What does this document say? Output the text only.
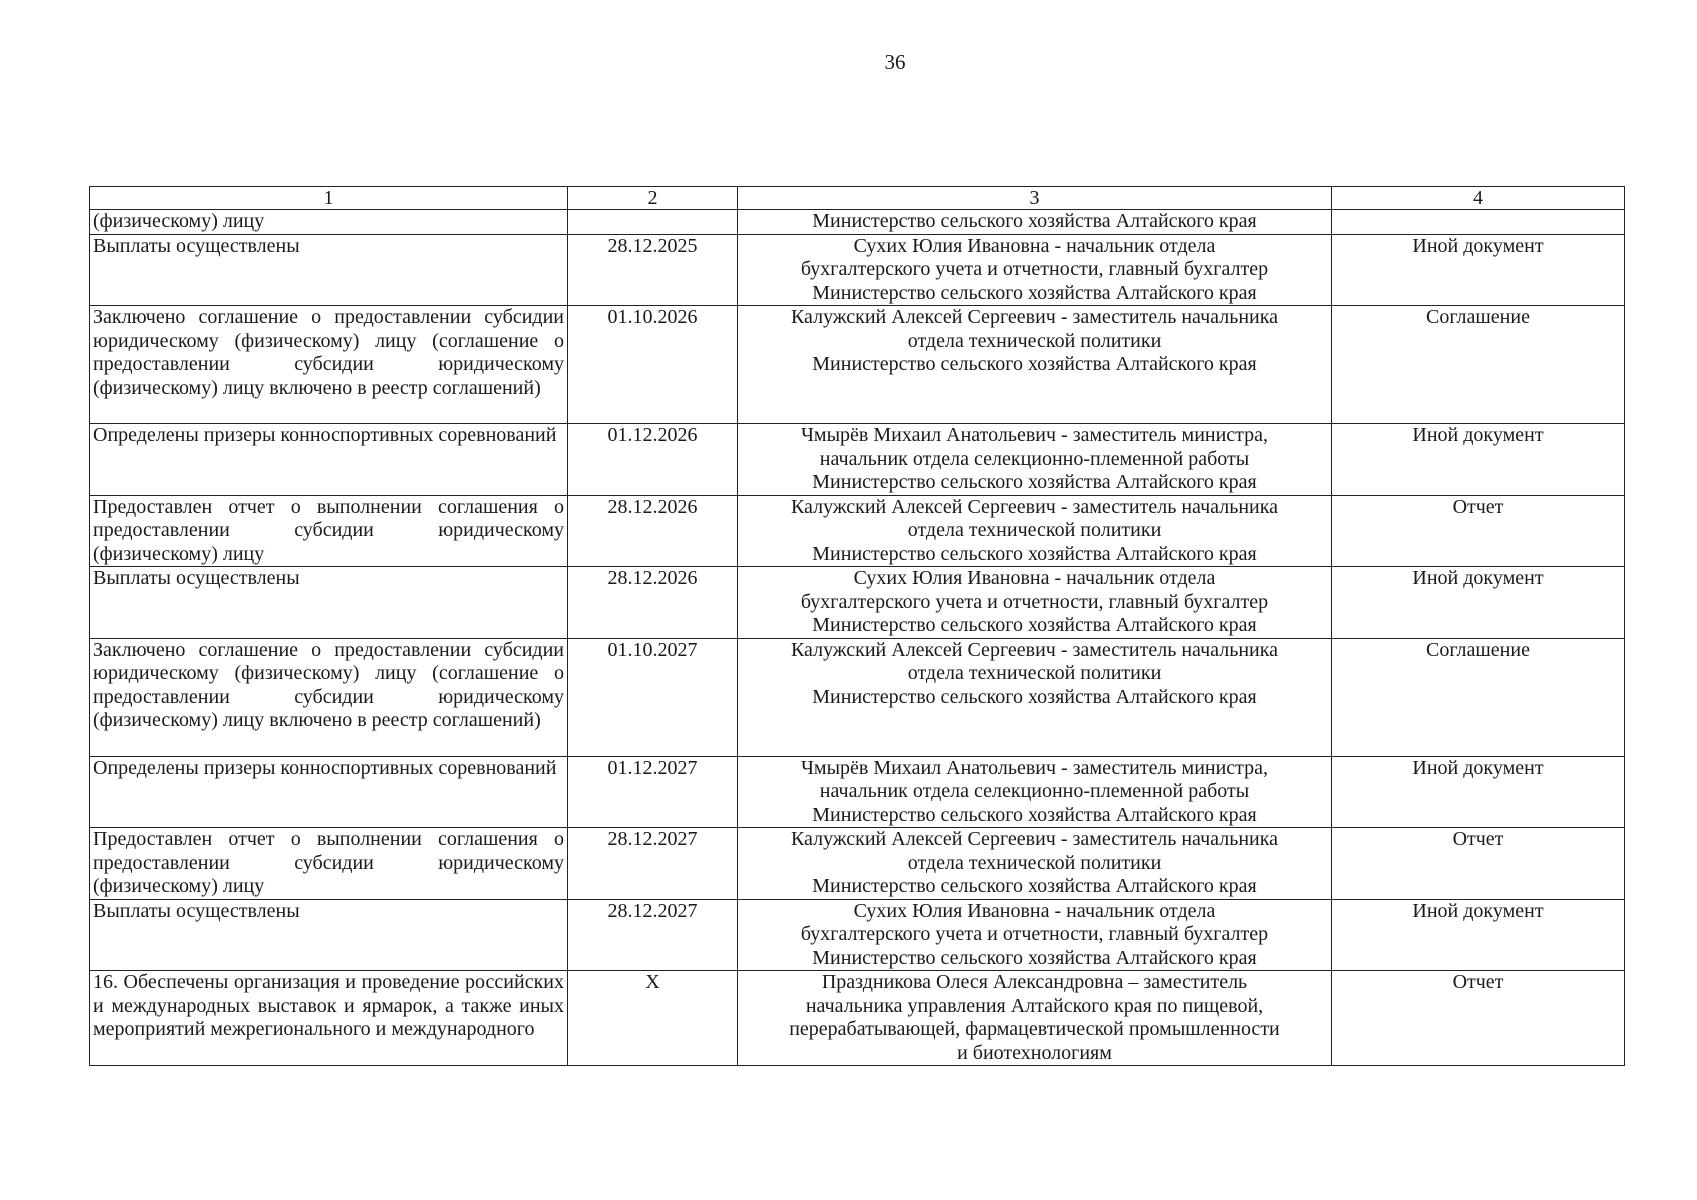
36
1	2	3	4
(физическому) лицу		Министерство сельского хозяйства Алтайского края	

Выплаты осуществлены	28.12.2025	Сухих Юлия Ивановна - начальник отдела
бухгалтерского учета и отчетности, главный бухгалтер
Министерство сельского хозяйства Алтайского края	Иной документ
Заключено соглашение о предоставлении субсидии юридическому (физическому) лицу (соглашение о предоставлении субсидии юридическому (физическому) лицу включено в реестр соглашений)	01.10.2026	Калужский Алексей Сергеевич - заместитель начальника
отдела технической политики
Министерство сельского хозяйства Алтайского края	Соглашение
Определены призеры конноспортивных соревнований	01.12.2026	Чмырёв Михаил Анатольевич - заместитель министра,
начальник отдела селекционно-племенной работы
Министерство сельского хозяйства Алтайского края	Иной документ
Предоставлен отчет о выполнении соглашения о предоставлении субсидии юридическому (физическому) лицу	28.12.2026	Калужский Алексей Сергеевич - заместитель начальника
отдела технической политики
Министерство сельского хозяйства Алтайского края	Отчет
Выплаты осуществлены	28.12.2026	Сухих Юлия Ивановна - начальник отдела
бухгалтерского учета и отчетности, главный бухгалтер
Министерство сельского хозяйства Алтайского края	Иной документ
Заключено соглашение о предоставлении субсидии юридическому (физическому) лицу (соглашение о предоставлении субсидии юридическому (физическому) лицу включено в реестр соглашений)	01.10.2027	Калужский Алексей Сергеевич - заместитель начальника
отдела технической политики
Министерство сельского хозяйства Алтайского края	Соглашение
Определены призеры конноспортивных соревнований	01.12.2027	Чмырёв Михаил Анатольевич - заместитель министра,
начальник отдела селекционно-племенной работы
Министерство сельского хозяйства Алтайского края	Иной документ
Предоставлен отчет о выполнении соглашения о предоставлении субсидии юридическому (физическому) лицу	28.12.2027	Калужский Алексей Сергеевич - заместитель начальника
отдела технической политики
Министерство сельского хозяйства Алтайского края	Отчет
Выплаты осуществлены	28.12.2027	Сухих Юлия Ивановна - начальник отдела
бухгалтерского учета и отчетности, главный бухгалтер
Министерство сельского хозяйства Алтайского края	Иной документ
16. Обеспечены организация и проведение российских и международных выставок и ярмарок, а также иных мероприятий межрегионального и международного	X	Праздникова Олеся Александровна – заместитель
начальника управления Алтайского края по пищевой,
перерабатывающей, фармацевтической промышленности
и биотехнологиям	Отчет
